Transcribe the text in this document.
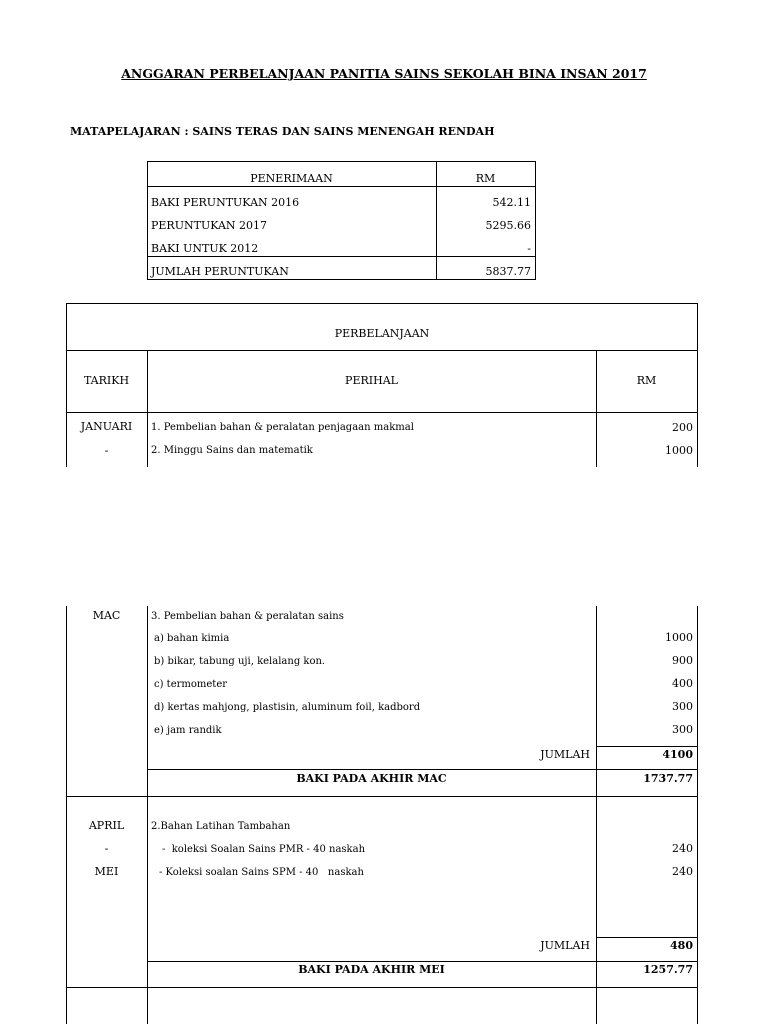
ANGGARAN PERBELANJAAN PANITIA SAINS SEKOLAH BINA INSAN 2017
MATAPELAJARAN : SAINS TERAS DAN SAINS MENENGAH RENDAH
PENERIMAAN	RM
BAKI PERUNTUKAN 2016	542.11
PERUNTUKAN 2017	5295.66
BAKI UNTUK 2012	-
JUMLAH PERUNTUKAN	5837.77
PERBELANJAAN
TARIKH	PERIHAL	RM
JANUARI
-
1. Pembelian bahan & peralatan penjagaan makmal	200
2. Minggu Sains dan matematik	1000
MAC	3. Pembelian bahan & peralatan sains
a) bahan kimia	1000
b) bikar, tabung uji, kelalang kon.	900
c) termometer	400
d) kertas mahjong, plastisin, aluminum foil, kadbord	300
e) jam randik	300
JUMLAH	4100
BAKI PADA AKHIR MAC	1737.77
APRIL
-
MEI
2.Bahan Latihan Tambahan
-  koleksi Soalan Sains PMR - 40 naskah	240
- Koleksi soalan Sains SPM - 40   naskah	240
JUMLAH	480
BAKI PADA AKHIR MEI	1257.77
